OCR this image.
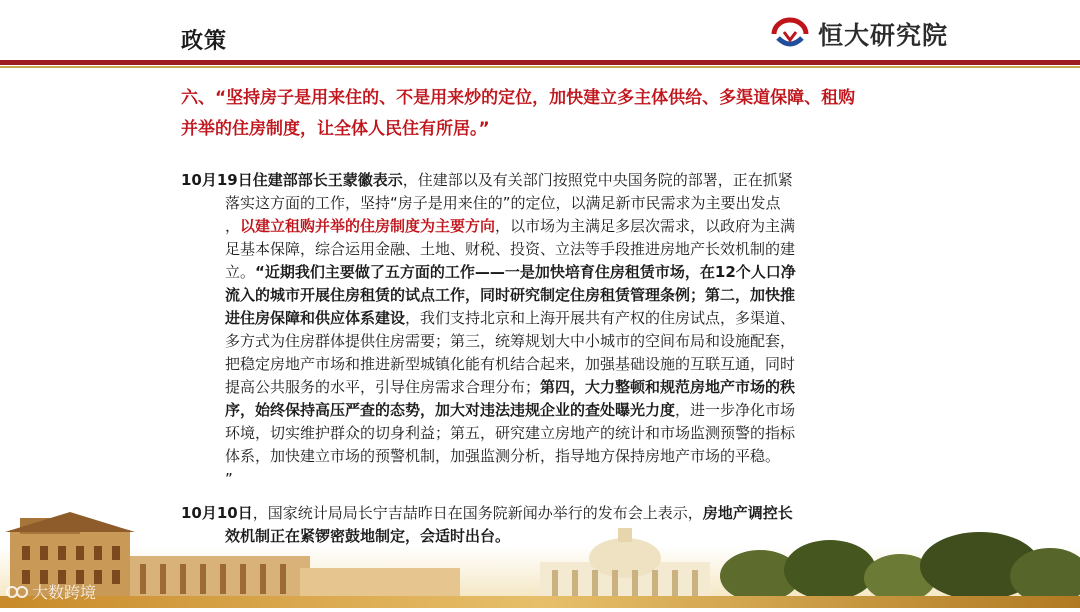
政策	恒大研究院
六、“坚持房子是用来住的、不是用来炒的定位，加快建立多主体供给、多渠道保障、租购
并举的住房制度，让全体人民住有所居。”
10月19日住建部部长王蒙徽表示，住建部以及有关部门按照党中央国务院的部署，正在抓紧
落实这方面的工作，坚持“房子是用来住的”的定位，以满足新市民需求为主要出发点
，以建立租购并举的住房制度为主要方向，以市场为主满足多层次需求，以政府为主满
足基本保障，综合运用金融、土地、财税、投资、立法等手段推进房地产长效机制的建
立。“近期我们主要做了五方面的工作——一是加快培育住房租赁市场，在12个人口净
流入的城市开展住房租赁的试点工作，同时研究制定住房租赁管理条例；第二，加快推
进住房保障和供应体系建设，我们支持北京和上海开展共有产权的住房试点，多渠道、
多方式为住房群体提供住房需要；第三，统筹规划大中小城市的空间布局和设施配套，
把稳定房地产市场和推进新型城镇化能有机结合起来，加强基础设施的互联互通，同时
提高公共服务的水平，引导住房需求合理分布；第四，大力整顿和规范房地产市场的秩
序，始终保持高压严查的态势，加大对违法违规企业的查处曝光力度，进一步净化市场
环境，切实维护群众的切身利益；第五，研究建立房地产的统计和市场监测预警的指标
体系，加快建立市场的预警机制，加强监测分析，指导地方保持房地产市场的平稳。
”
10月10日，国家统计局局长宁吉喆昨日在国务院新闻办举行的发布会上表示，房地产调控长
效机制正在紧锣密鼓地制定，会适时出台。
大数跨境
